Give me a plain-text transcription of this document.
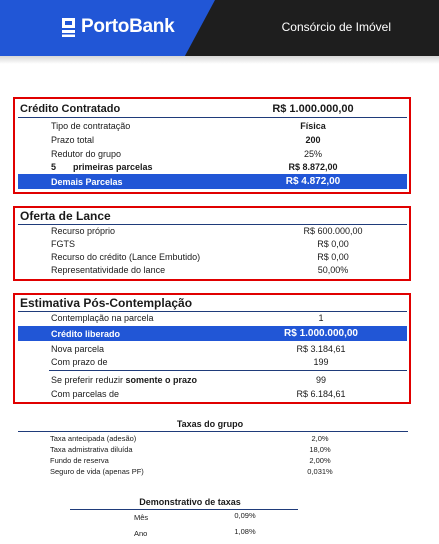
PortoBank	Consórcio de Imóvel
Crédito Contratado	R$ 1.000.000,00
Tipo de contratação	Física
Prazo total	200
Redutor do grupo	25%
5 primeiras parcelas	R$ 8.872,00
Demais Parcelas	R$ 4.872,00
Oferta de Lance
Recurso próprio	R$ 600.000,00
FGTS	R$ 0,00
Recurso do crédito (Lance Embutido)	R$ 0,00
Representatividade do lance	50,00%
Estimativa Pós-Contemplação
Contemplação na parcela	1
Crédito liberado	R$ 1.000.000,00
Nova parcela	R$ 3.184,61
Com prazo de	199
Se preferir reduzir somente o prazo	99
Com parcelas de	R$ 6.184,61
Taxas do grupo
Taxa antecipada (adesão)	2,0%
Taxa admistrativa diluída	18,0%
Fundo de reserva	2,00%
Seguro de vida (apenas PF)	0,031%
Demonstrativo de taxas
Mês	0,09%
Ano	1,08%
